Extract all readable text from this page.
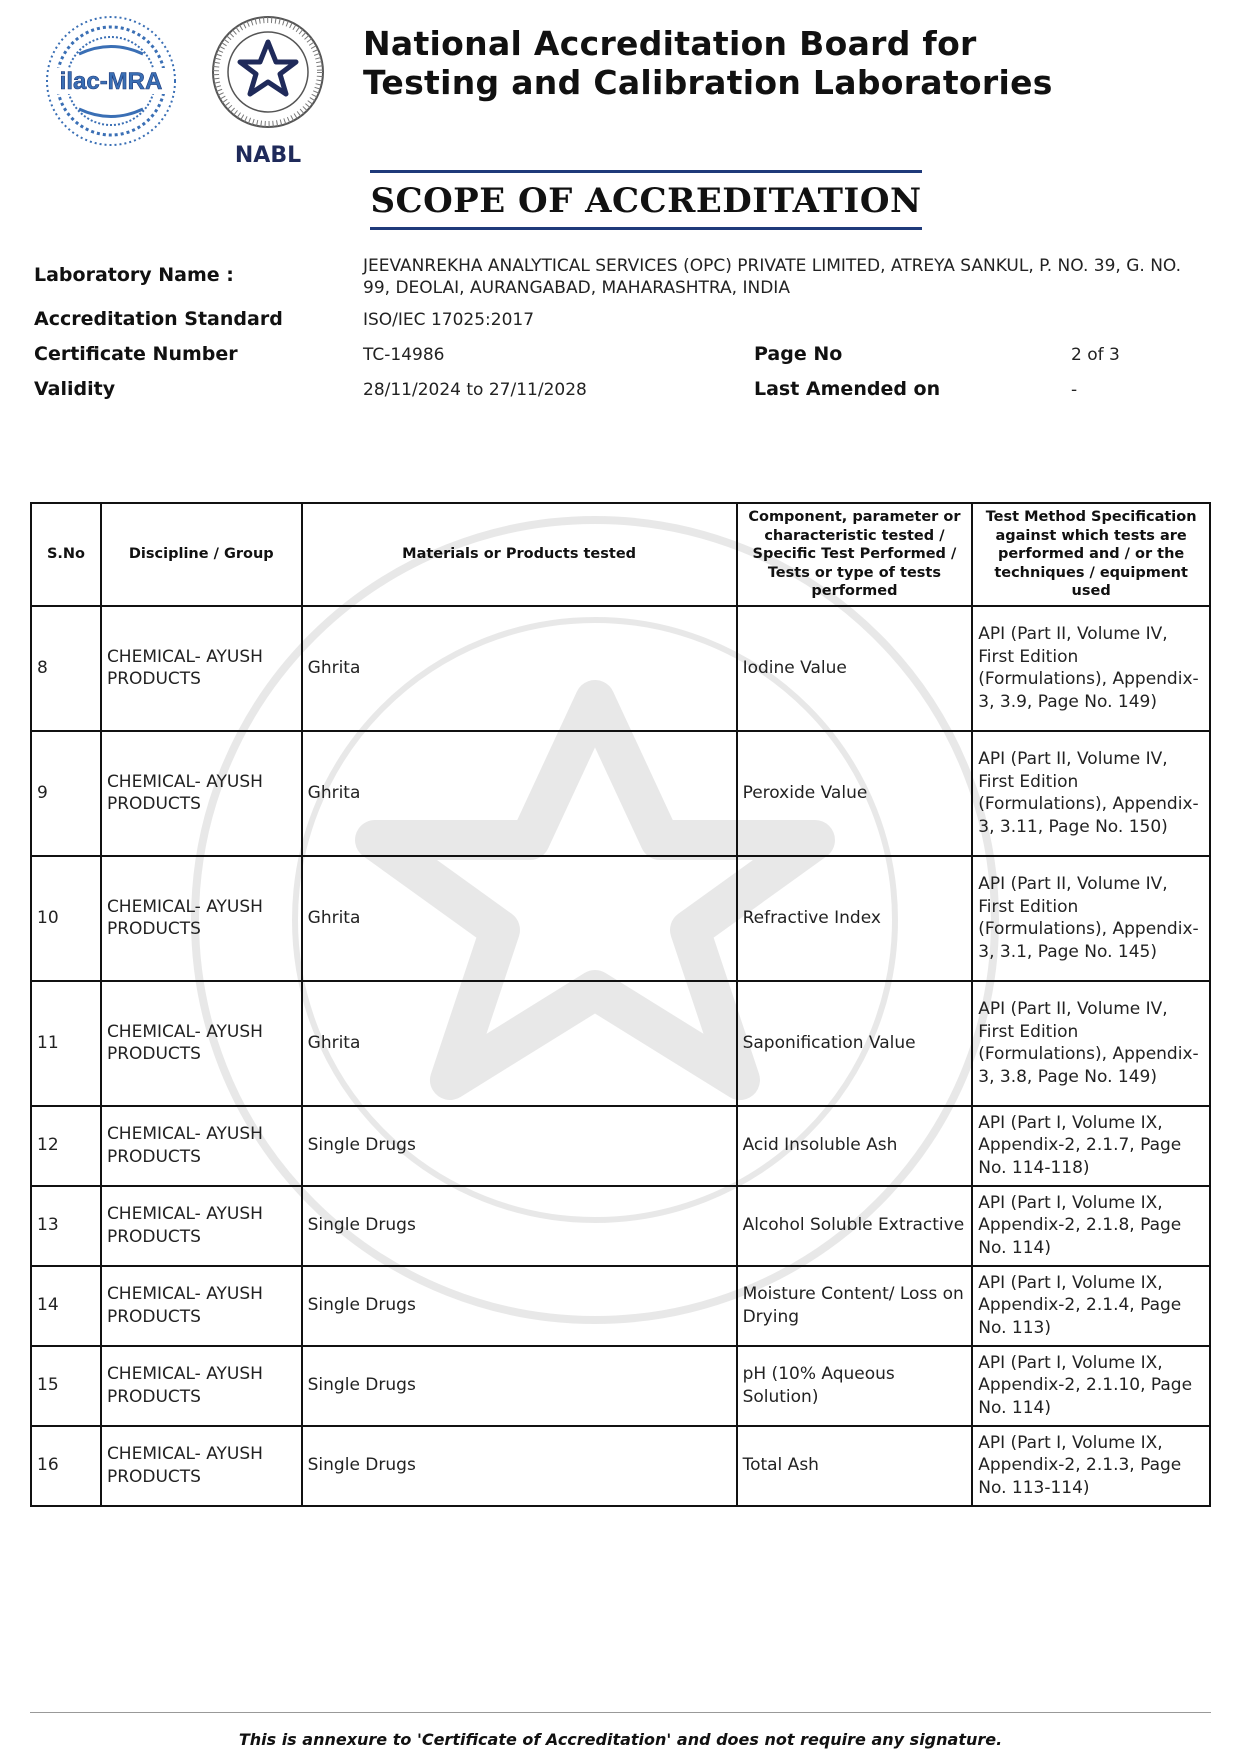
ilac-MRA
NABL
National Accreditation Board for
Testing and Calibration Laboratories
SCOPE OF ACCREDITATION
Laboratory Name :	JEEVANREKHA ANALYTICAL SERVICES (OPC) PRIVATE LIMITED, ATREYA SANKUL, P. NO. 39, G. NO. 99, DEOLAI, AURANGABAD, MAHARASHTRA, INDIA
Accreditation Standard	ISO/IEC 17025:2017
Certificate Number	TC-14986	Page No	2 of 3
Validity	28/11/2024 to 27/11/2028	Last Amended on	-
S.No	Discipline / Group	Materials or Products tested	Component, parameter or characteristic tested / Specific Test Performed / Tests or type of tests performed	Test Method Specification against which tests are performed and / or the techniques / equipment used
8	CHEMICAL- AYUSH PRODUCTS	Ghrita	Iodine Value	API (Part II, Volume IV, First Edition (Formulations), Appendix-3, 3.9, Page No. 149)
9	CHEMICAL- AYUSH PRODUCTS	Ghrita	Peroxide Value	API (Part II, Volume IV, First Edition (Formulations), Appendix-3, 3.11, Page No. 150)
10	CHEMICAL- AYUSH PRODUCTS	Ghrita	Refractive Index	API (Part II, Volume IV, First Edition (Formulations), Appendix-3, 3.1, Page No. 145)
11	CHEMICAL- AYUSH PRODUCTS	Ghrita	Saponification Value	API (Part II, Volume IV, First Edition (Formulations), Appendix-3, 3.8, Page No. 149)
12	CHEMICAL- AYUSH PRODUCTS	Single Drugs	Acid Insoluble Ash	API (Part I, Volume IX, Appendix-2, 2.1.7, Page No. 114-118)
13	CHEMICAL- AYUSH PRODUCTS	Single Drugs	Alcohol Soluble Extractive	API (Part I, Volume IX, Appendix-2, 2.1.8, Page No. 114)
14	CHEMICAL- AYUSH PRODUCTS	Single Drugs	Moisture Content/ Loss on Drying	API (Part I, Volume IX, Appendix-2, 2.1.4, Page No. 113)
15	CHEMICAL- AYUSH PRODUCTS	Single Drugs	pH (10% Aqueous Solution)	API (Part I, Volume IX, Appendix-2, 2.1.10, Page No. 114)
16	CHEMICAL- AYUSH PRODUCTS	Single Drugs	Total Ash	API (Part I, Volume IX, Appendix-2, 2.1.3, Page No. 113-114)
This is annexure to 'Certificate of Accreditation' and does not require any signature.
